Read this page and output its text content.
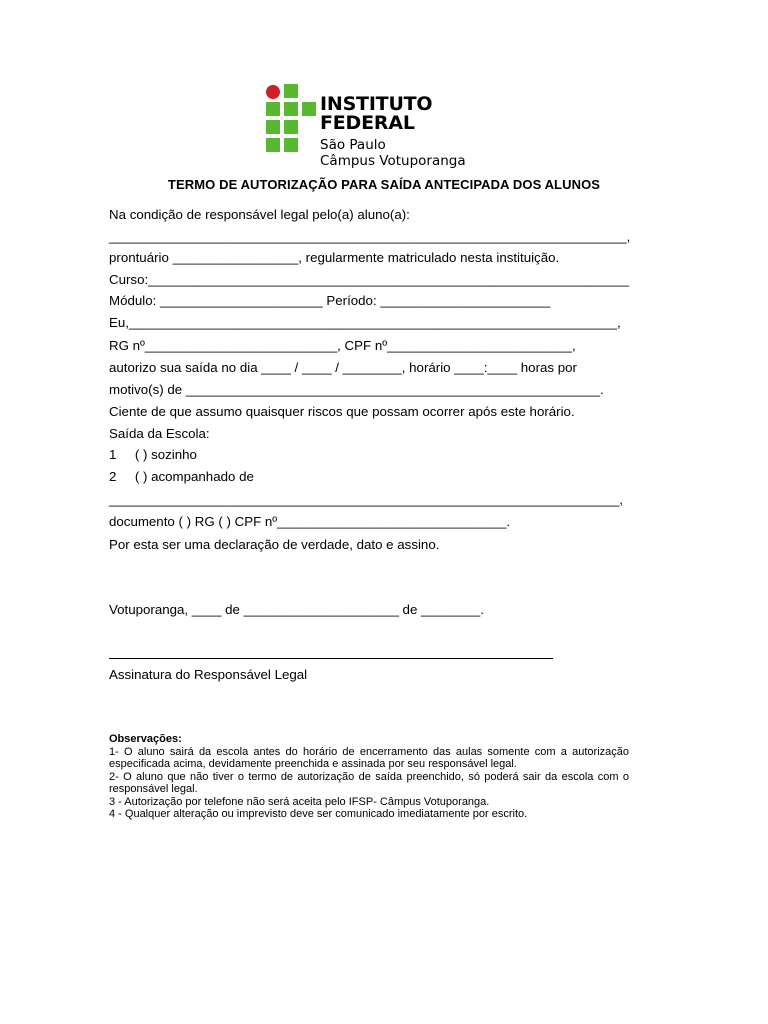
INSTITUTO FEDERAL
São Paulo
Câmpus Votuporanga
TERMO DE AUTORIZAÇÃO PARA SAÍDA ANTECIPADA DOS ALUNOS
Na condição de responsável legal pelo(a) aluno(a):
______________________________________________________________________,
prontuário _________________, regularmente matriculado nesta instituição.
Curso:_________________________________________________________________
Módulo: ______________________ Período: _______________________
Eu,__________________________________________________________________,
RG nº__________________________, CPF nº_________________________,
autorizo sua saída no dia ____ / ____ / ________, horário ____:____ horas por
motivo(s) de ________________________________________________________.
Ciente de que assumo quaisquer riscos que possam ocorrer após este horário.
Saída da Escola:
1     ( ) sozinho
2     ( ) acompanhado de
_____________________________________________________________________,
documento ( ) RG ( ) CPF nº_______________________________.
Por esta ser uma declaração de verdade, dato e assino.
Votuporanga, ____ de _____________________ de ________.
Assinatura do Responsável Legal
Observações:

1- O aluno sairá da escola antes do horário de encerramento das aulas somente com a autorização especificada acima, devidamente preenchida e assinada por seu responsável legal.

2- O aluno que não tiver o termo de autorização de saída preenchido, só poderá sair da escola com o responsável legal.

3 - Autorização por telefone não será aceita pelo IFSP- Câmpus Votuporanga.

4 - Qualquer alteração ou imprevisto deve ser comunicado imediatamente por escrito.
